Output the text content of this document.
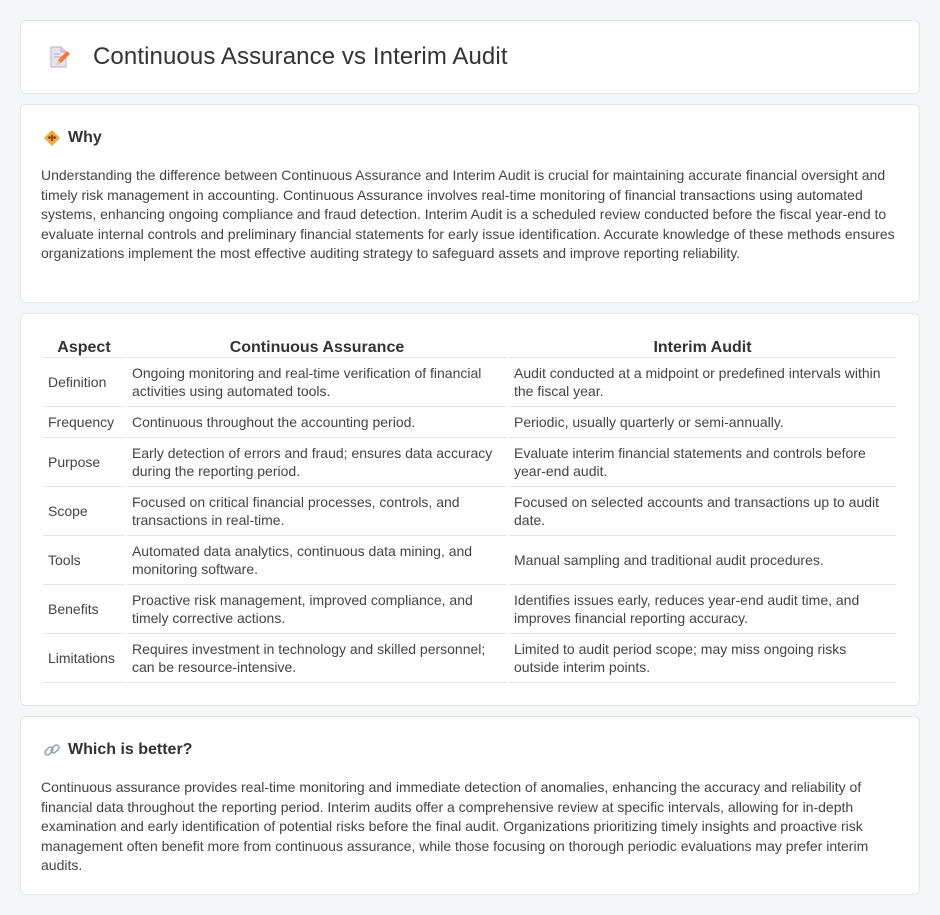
Continuous Assurance vs Interim Audit
Why

Understanding the difference between Continuous Assurance and Interim Audit is crucial for maintaining accurate financial oversight and timely risk management in accounting. Continuous Assurance involves real-time monitoring of financial transactions using automated systems, enhancing ongoing compliance and fraud detection. Interim Audit is a scheduled review conducted before the fiscal year-end to evaluate internal controls and preliminary financial statements for early issue identification. Accurate knowledge of these methods ensures organizations implement the most effective auditing strategy to safeguard assets and improve reporting reliability.

Aspect	Continuous Assurance	Interim Audit
Definition	Ongoing monitoring and real-time verification of financial activities using automated tools.	Audit conducted at a midpoint or predefined intervals within the fiscal year.
Frequency	Continuous throughout the accounting period.	Periodic, usually quarterly or semi-annually.
Purpose	Early detection of errors and fraud; ensures data accuracy during the reporting period.	Evaluate interim financial statements and controls before year-end audit.
Scope	Focused on critical financial processes, controls, and transactions in real-time.	Focused on selected accounts and transactions up to audit date.
Tools	Automated data analytics, continuous data mining, and monitoring software.	Manual sampling and traditional audit procedures.
Benefits	Proactive risk management, improved compliance, and timely corrective actions.	Identifies issues early, reduces year-end audit time, and improves financial reporting accuracy.
Limitations	Requires investment in technology and skilled personnel; can be resource-intensive.	Limited to audit period scope; may miss ongoing risks outside interim points.
Which is better?

Continuous assurance provides real-time monitoring and immediate detection of anomalies, enhancing the accuracy and reliability of financial data throughout the reporting period. Interim audits offer a comprehensive review at specific intervals, allowing for in-depth examination and early identification of potential risks before the final audit. Organizations prioritizing timely insights and proactive risk management often benefit more from continuous assurance, while those focusing on thorough periodic evaluations may prefer interim audits.
